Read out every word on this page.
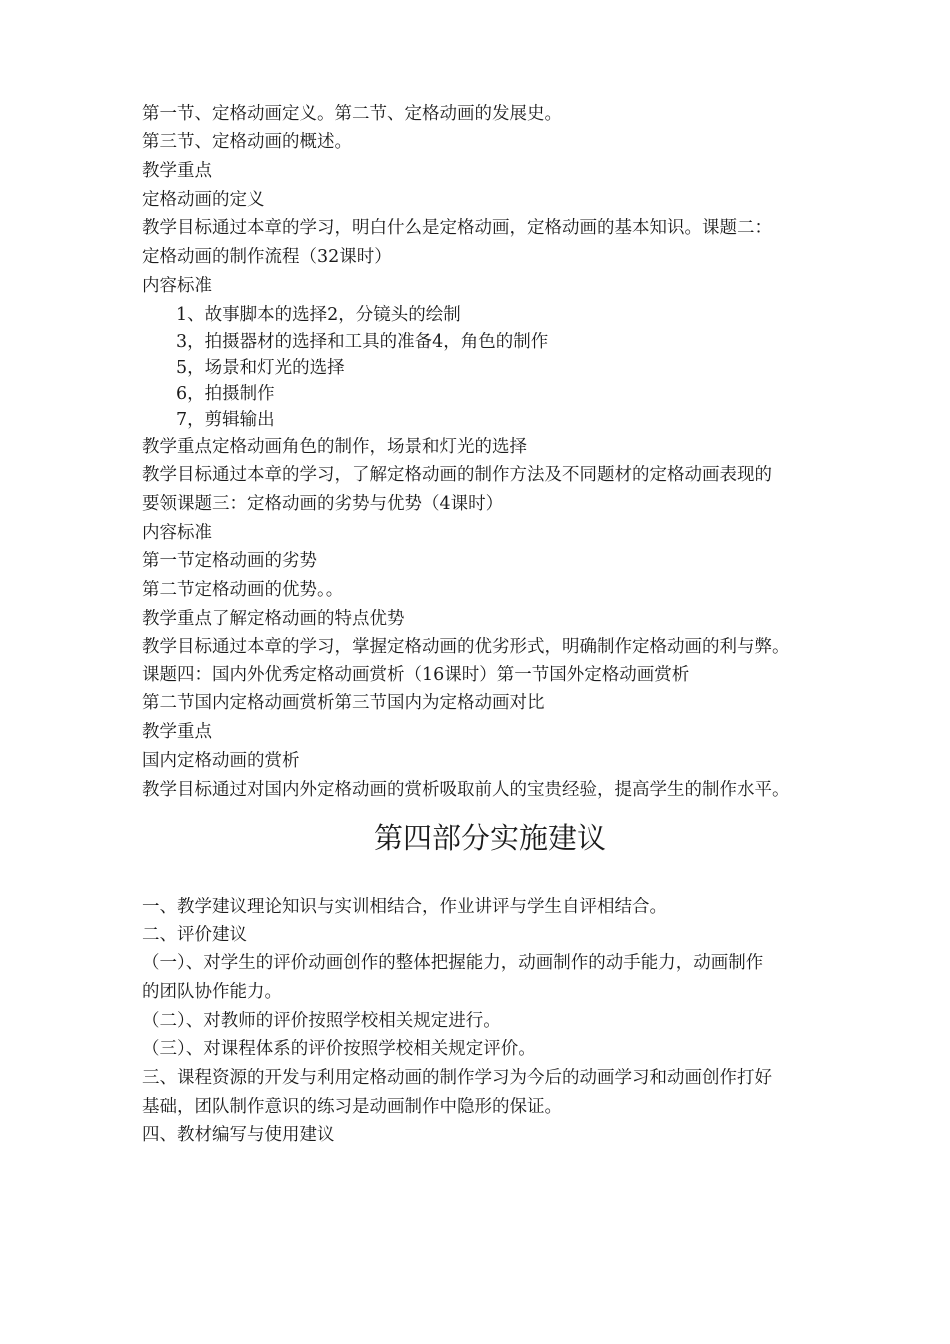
第一节、定格动画定义。第二节、定格动画的发展史。
第三节、定格动画的概述。
教学重点
定格动画的定义
教学目标通过本章的学习，明白什么是定格动画，定格动画的基本知识。课题二：
定格动画的制作流程（32课时）
内容标准
1、故事脚本的选择2，分镜头的绘制
3，拍摄器材的选择和工具的准备4，角色的制作
5，场景和灯光的选择
6，拍摄制作
7，剪辑输出
教学重点定格动画角色的制作，场景和灯光的选择
教学目标通过本章的学习，了解定格动画的制作方法及不同题材的定格动画表现的
要领课题三：定格动画的劣势与优势（4课时）
内容标准
第一节定格动画的劣势
第二节定格动画的优势。。
教学重点了解定格动画的特点优势
教学目标通过本章的学习，掌握定格动画的优劣形式，明确制作定格动画的利与弊。
课题四：国内外优秀定格动画赏析（16课时）第一节国外定格动画赏析
第二节国内定格动画赏析第三节国内为定格动画对比
教学重点
国内定格动画的赏析
教学目标通过对国内外定格动画的赏析吸取前人的宝贵经验，提高学生的制作水平。
第四部分实施建议
一、教学建议理论知识与实训相结合，作业讲评与学生自评相结合。
二、评价建议
（一）、对学生的评价动画创作的整体把握能力，动画制作的动手能力，动画制作
的团队协作能力。
（二）、对教师的评价按照学校相关规定进行。
（三）、对课程体系的评价按照学校相关规定评价。
三、课程资源的开发与利用定格动画的制作学习为今后的动画学习和动画创作打好
基础，团队制作意识的练习是动画制作中隐形的保证。
四、教材编写与使用建议
